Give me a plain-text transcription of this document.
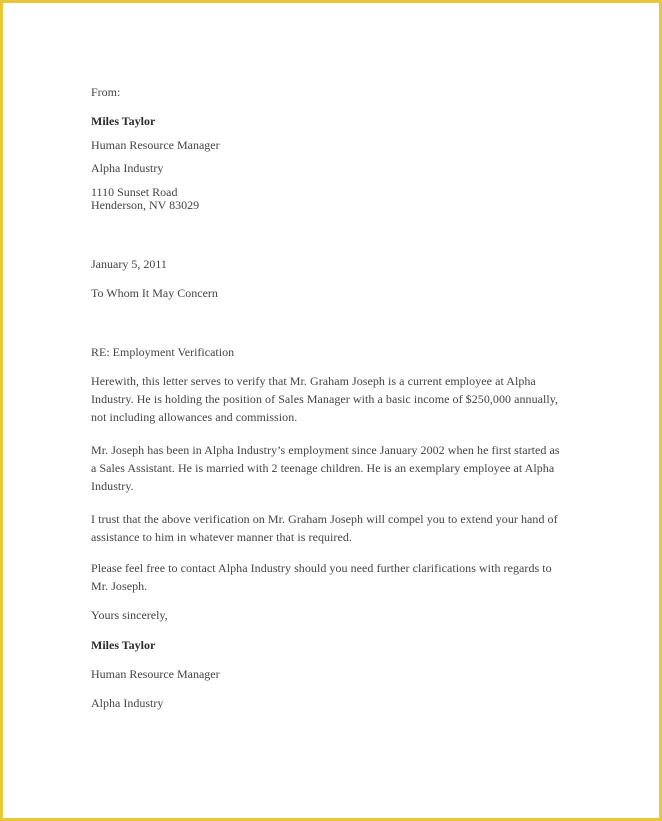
From:
Miles Taylor
Human Resource Manager
Alpha Industry
1110 Sunset Road
Henderson, NV 83029
January 5, 2011
To Whom It May Concern
RE: Employment Verification
Herewith, this letter serves to verify that Mr. Graham Joseph is a current employee at Alpha Industry. He is holding the position of Sales Manager with a basic income of $250,000 annually, not including allowances and commission.
Mr. Joseph has been in Alpha Industry’s employment since January 2002 when he first started as a Sales Assistant. He is married with 2 teenage children. He is an exemplary employee at Alpha Industry.
I trust that the above verification on Mr. Graham Joseph will compel you to extend your hand of assistance to him in whatever manner that is required.
Please feel free to contact Alpha Industry should you need further clarifications with regards to Mr. Joseph.
Yours sincerely,
Miles Taylor
Human Resource Manager
Alpha Industry
